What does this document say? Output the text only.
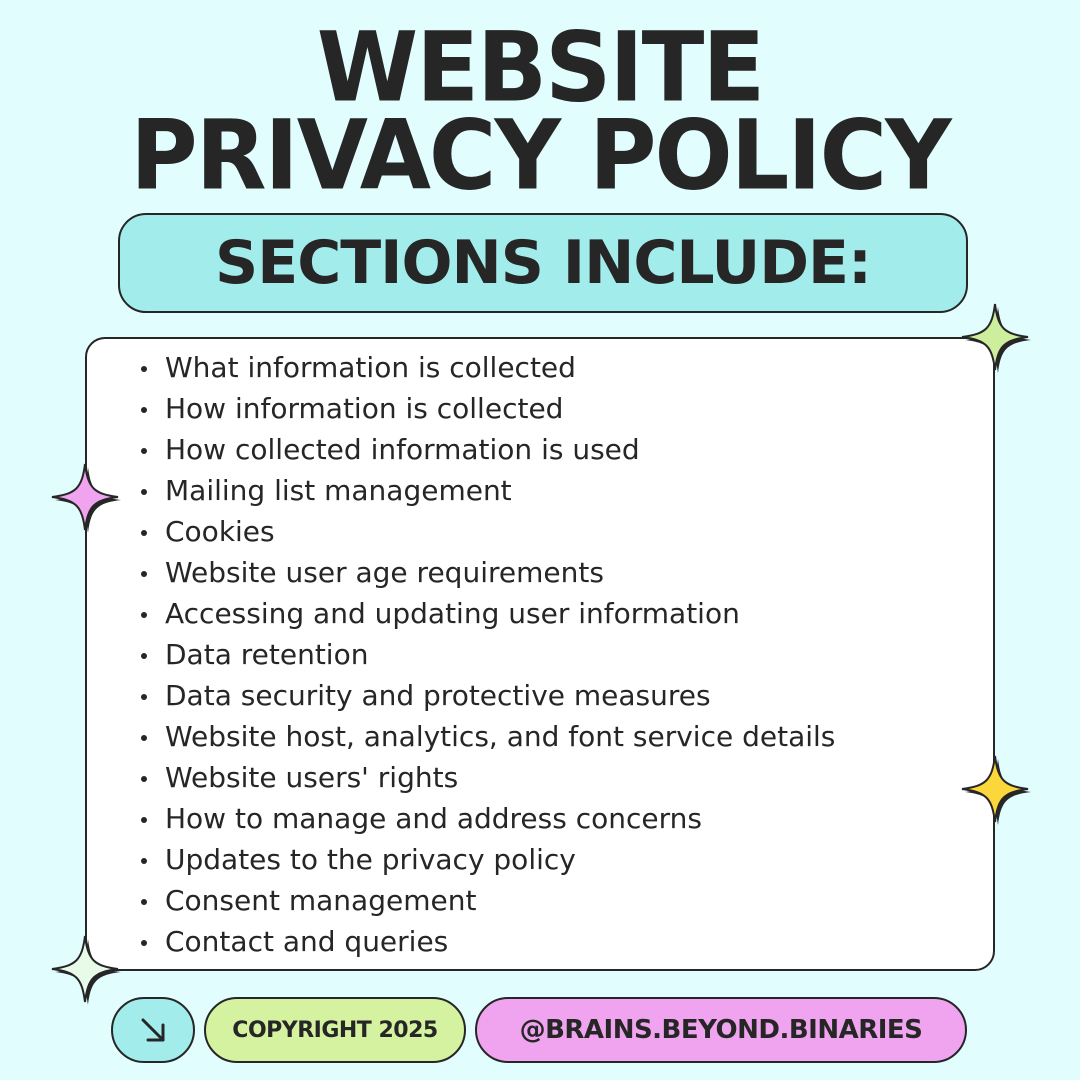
WEBSITE
PRIVACY POLICY
SECTIONS INCLUDE:
What information is collected
How information is collected
How collected information is used
Mailing list management
Cookies
Website user age requirements
Accessing and updating user information
Data retention
Data security and protective measures
Website host, analytics, and font service details
Website users' rights
How to manage and address concerns
Updates to the privacy policy
Consent management
Contact and queries
COPYRIGHT 2025	@BRAINS.BEYOND.BINARIES
